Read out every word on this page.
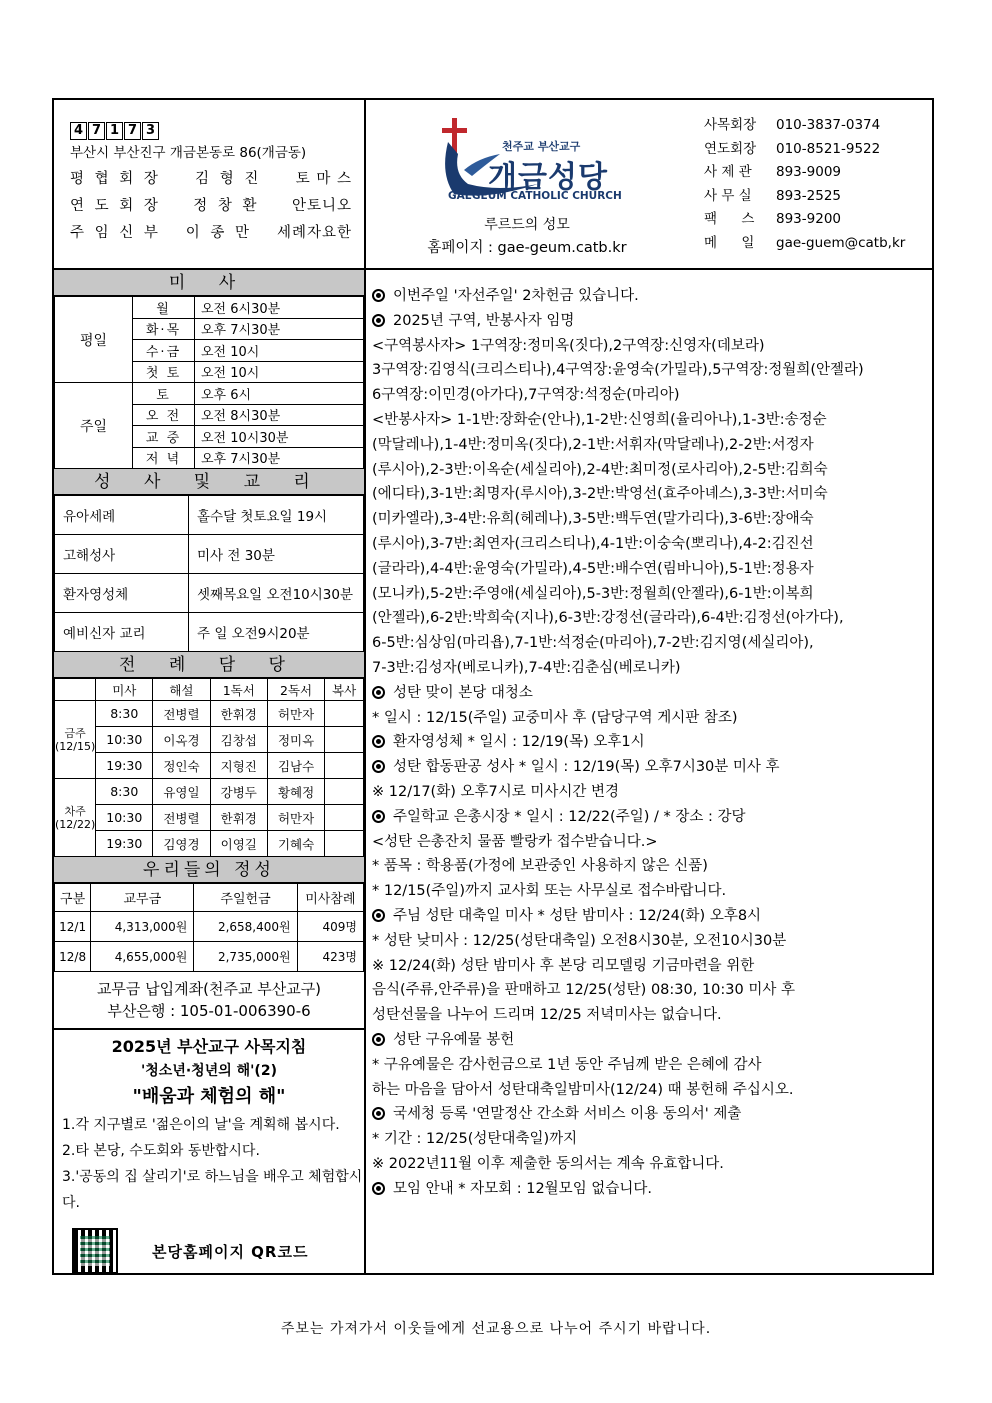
4 7 1 7 3
부산시 부산진구 개금본동로 86(개금동)
평 협 회 장 김 형 진 토 마 스
연 도 회 장 정 창 환 안토니오
주 임 신 부 이 종 만 세례자요한
천주교 부산교구
개금성당
GAEGEUM CATHOLIC CHURCH
루르드의 성모
홈페이지 : gae-geum.catb.kr
사목회장	010-3837-0374
연도회장	010-8521-9522
사 제 관	893-9009
사 무 실	893-2525
팩 스 893-9200
메 일 gae-guem@catb,kr
미 사
평일	월	오전 6시30분
	화·목	오후 7시30분
	수·금	오전 10시
	첫 토	오전 10시
주일	토	오후 6시
	오 전	오전 8시30분
	교 중	오전 10시30분
	저 녁	오후 7시30분
성 사 및 교 리
유아세례	홀수달 첫토요일 19시
고해성사	미사 전 30분
환자영성체	셋째목요일 오전10시30분
예비신자 교리	주 일 오전9시20분
전 례 담 당
	미사	해설	1독서	2독서	복사
금주(12/15)	8:30	전병렬	한휘경	허만자	
	10:30	이옥경	김창섭	정미옥	
	19:30	정인숙	지형진	김남수	
차주(12/22)	8:30	유영일	강병두	황혜정	
	10:30	전병렬	한휘경	허만자	
	19:30	김영경	이영길	기혜숙	
우리들의 정성
구분	교무금	주일헌금	미사참례
12/1	4,313,000원	2,658,400원	409명
12/8	4,655,000원	2,735,000원	423명
교무금 납입계좌(천주교 부산교구)
부산은행 : 105-01-006390-6
2025년 부산교구 사목지침
'청소년·청년의 해'(2)
"배움과 체험의 해"
1.각 지구별로 '젊은이의 날'을 계획해 봅시다.
2.타 본당, 수도회와 동반합시다.
3.'공동의 집 살리기'로 하느님을 배우고 체험합시다.
본당홈페이지 QR코드
이번주일 '자선주일' 2차헌금 있습니다.
2025년 구역, 반봉사자 임명
<구역봉사자> 1구역장:정미옥(짓다),2구역장:신영자(데보라)
3구역장:김영식(크리스티나),4구역장:윤영숙(가밀라),5구역장:정월희(안젤라)
6구역장:이민경(아가다),7구역장:석정순(마리아)
<반봉사자> 1-1반:장화순(안나),1-2반:신영희(율리아나),1-3반:송정순
(막달레나),1-4반:정미옥(짓다),2-1반:서휘자(막달레나),2-2반:서정자
(루시아),2-3반:이옥순(세실리아),2-4반:최미정(로사리아),2-5반:김희숙
(에디타),3-1반:최명자(루시아),3-2반:박영선(효주아녜스),3-3반:서미숙
(미카엘라),3-4반:유희(헤레나),3-5반:백두연(말가리다),3-6반:장애숙
(루시아),3-7반:최연자(크리스티나),4-1반:이숭숙(뽀리나),4-2:김진선
(글라라),4-4반:윤영숙(가밀라),4-5반:배수연(림바니아),5-1반:정용자
(모니카),5-2반:주영애(세실리아),5-3반:정월희(안젤라),6-1반:이복희
(안젤라),6-2반:박희숙(지나),6-3반:강정선(글라라),6-4반:김정선(아가다),
6-5반:심상임(마리욥),7-1반:석정순(마리아),7-2반:김지영(세실리아),
7-3반:김성자(베로니카),7-4반:김춘심(베로니카)
성탄 맞이 본당 대청소
* 일시 : 12/15(주일) 교중미사 후 (담당구역 게시판 참조)
환자영성체 * 일시 : 12/19(목) 오후1시
성탄 합동판공 성사 * 일시 : 12/19(목) 오후7시30분 미사 후
※ 12/17(화) 오후7시로 미사시간 변경
주일학교 은총시장 * 일시 : 12/22(주일) / * 장소 : 강당
<성탄 은총잔치 물품 빨랑카 접수받습니다.>
* 품목 : 학용품(가정에 보관중인 사용하지 않은 신품)
* 12/15(주일)까지 교사회 또는 사무실로 접수바랍니다.
주님 성탄 대축일 미사 * 성탄 밤미사 : 12/24(화) 오후8시
* 성탄 낮미사 : 12/25(성탄대축일) 오전8시30분, 오전10시30분
※ 12/24(화) 성탄 밤미사 후 본당 리모델링 기금마련을 위한
음식(주류,안주류)을 판매하고 12/25(성탄) 08:30, 10:30 미사 후
성탄선물을 나누어 드리며 12/25 저녁미사는 없습니다.
성탄 구유예물 봉헌
* 구유예물은 감사헌금으로 1년 동안 주님께 받은 은혜에 감사
하는 마음을 담아서 성탄대축일밤미사(12/24) 때 봉헌해 주십시오.
국세청 등록 '연말정산 간소화 서비스 이용 동의서' 제출
* 기간 : 12/25(성탄대축일)까지
※ 2022년11월 이후 제출한 동의서는 계속 유효합니다.
모임 안내 * 자모회 : 12월모임 없습니다.
주보는 가져가서 이웃들에게 선교용으로 나누어 주시기 바랍니다.
